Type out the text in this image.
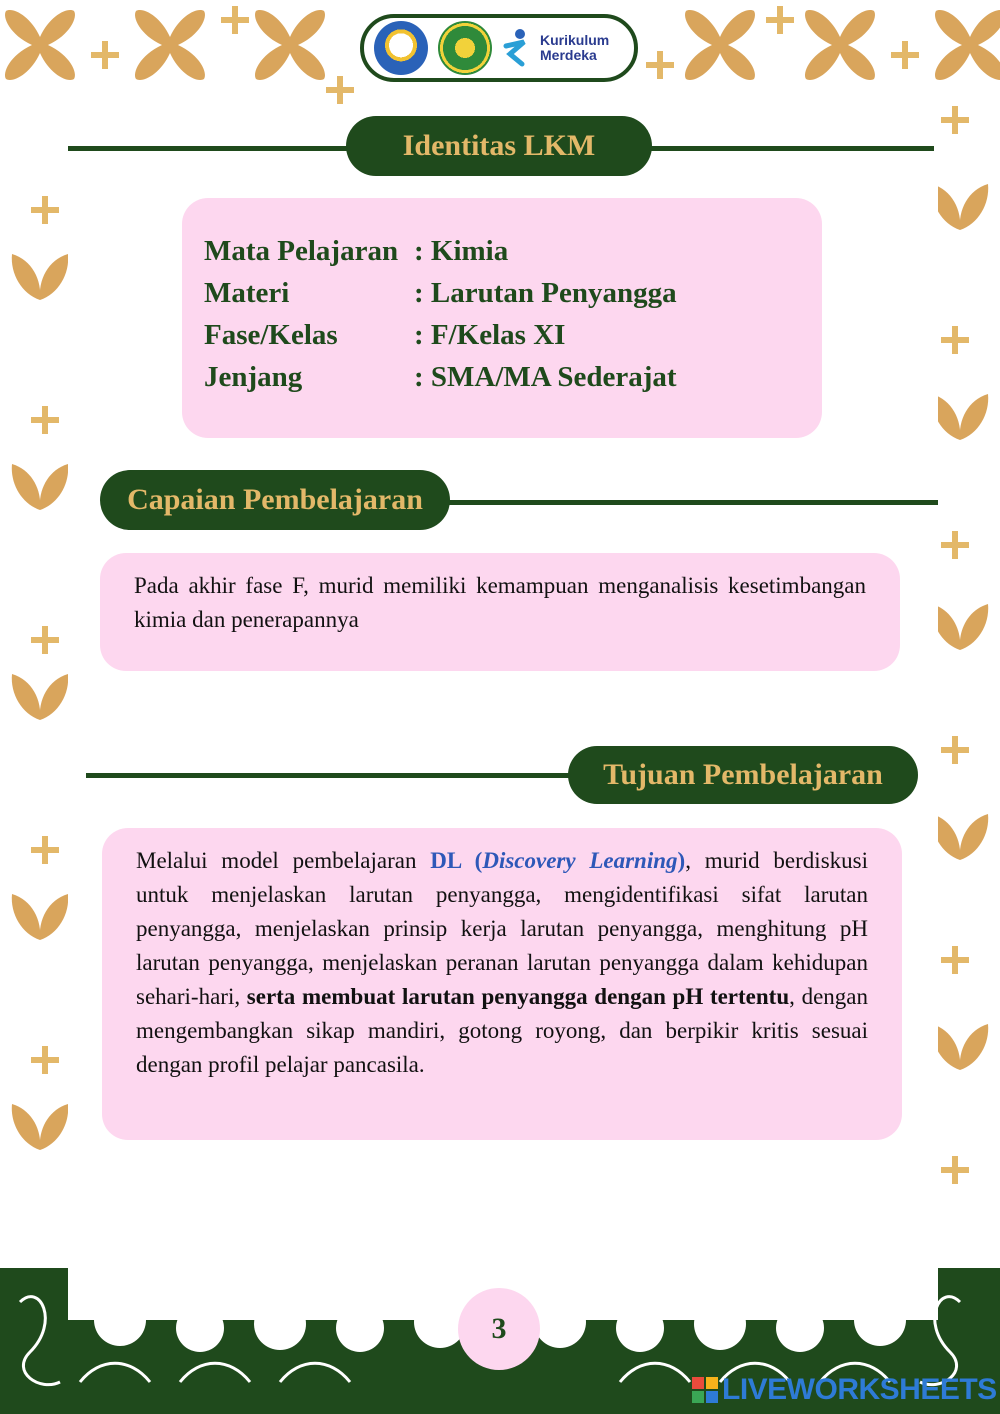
Kurikulum
Merdeka
Identitas LKM
Mata Pelajaran : Kimia
Materi	: Larutan Penyangga
Fase/Kelas	: F/Kelas XI
Jenjang	: SMA/MA Sederajat
Capaian Pembelajaran

Pada akhir fase F, murid memiliki kemampuan menganalisis kesetimbangan kimia dan penerapannya

Tujuan Pembelajaran

Melalui model pembelajaran DL (Discovery Learning), murid berdiskusi untuk menjelaskan larutan penyangga, mengidentifikasi sifat larutan penyangga, menjelaskan prinsip kerja larutan penyangga, menghitung pH larutan penyangga, menjelaskan peranan larutan penyangga dalam kehidupan sehari-hari, serta membuat larutan penyangga dengan pH tertentu, dengan mengembangkan sikap mandiri, gotong royong, dan berpikir kritis sesuai dengan profil pelajar pancasila.

3
LIVEWORKSHEETS
